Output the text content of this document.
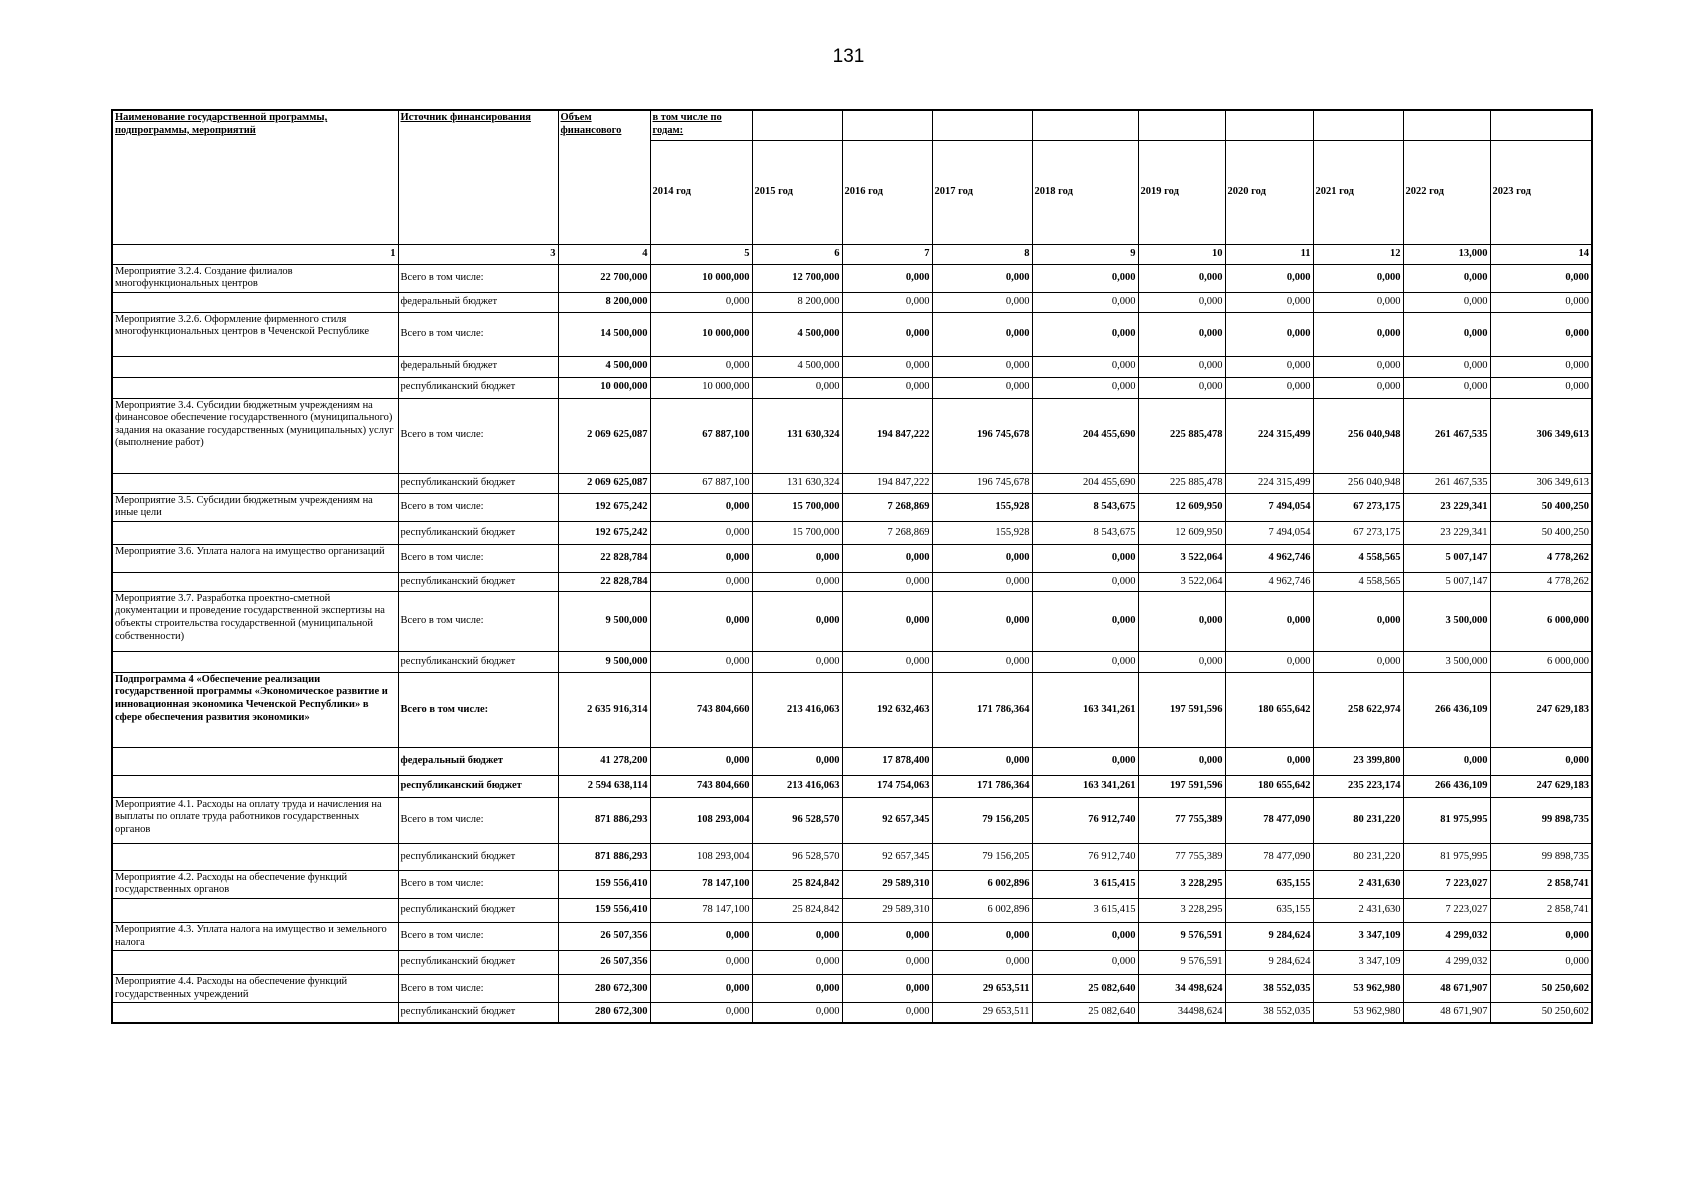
131
Наименование государственной программы, подпрограммы, мероприятий	Источник финансирования	Объем финансового	в том числе по годам:									
			2014 год	2015 год	2016 год	2017 год	2018 год	2019 год	2020 год	2021 год	2022 год	2023 год
1	3	4	5	6	7	8	9	10	11	12	13,000	14
Мероприятие 3.2.4. Создание филиалов многофункциональных центров	Всего в том числе:	22 700,000	10 000,000	12 700,000	0,000	0,000	0,000	0,000	0,000	0,000	0,000	0,000
	федеральный бюджет	8 200,000	0,000	8 200,000	0,000	0,000	0,000	0,000	0,000	0,000	0,000	0,000
Мероприятие 3.2.6. Оформление фирменного стиля многофункциональных центров в Чеченской Республике	Всего в том числе:	14 500,000	10 000,000	4 500,000	0,000	0,000	0,000	0,000	0,000	0,000	0,000	0,000
	федеральный бюджет	4 500,000	0,000	4 500,000	0,000	0,000	0,000	0,000	0,000	0,000	0,000	0,000
	республиканский бюджет	10 000,000	10 000,000	0,000	0,000	0,000	0,000	0,000	0,000	0,000	0,000	0,000
Мероприятие 3.4. Субсидии бюджетным учреждениям на финансовое обеспечение государственного (муниципального) задания на оказание государственных (муниципальных) услуг (выполнение работ)	Всего в том числе:	2 069 625,087	67 887,100	131 630,324	194 847,222	196 745,678	204 455,690	225 885,478	224 315,499	256 040,948	261 467,535	306 349,613
	республиканский бюджет	2 069 625,087	67 887,100	131 630,324	194 847,222	196 745,678	204 455,690	225 885,478	224 315,499	256 040,948	261 467,535	306 349,613
Мероприятие 3.5. Субсидии бюджетным учреждениям на иные цели	Всего в том числе:	192 675,242	0,000	15 700,000	7 268,869	155,928	8 543,675	12 609,950	7 494,054	67 273,175	23 229,341	50 400,250
	республиканский бюджет	192 675,242	0,000	15 700,000	7 268,869	155,928	8 543,675	12 609,950	7 494,054	67 273,175	23 229,341	50 400,250
Мероприятие 3.6. Уплата налога на имущество организаций	Всего в том числе:	22 828,784	0,000	0,000	0,000	0,000	0,000	3 522,064	4 962,746	4 558,565	5 007,147	4 778,262
	республиканский бюджет	22 828,784	0,000	0,000	0,000	0,000	0,000	3 522,064	4 962,746	4 558,565	5 007,147	4 778,262
Мероприятие 3.7. Разработка проектно-сметной документации и проведение государственной экспертизы на объекты строительства государственной (муниципальной собственности)	Всего в том числе:	9 500,000	0,000	0,000	0,000	0,000	0,000	0,000	0,000	0,000	3 500,000	6 000,000
	республиканский бюджет	9 500,000	0,000	0,000	0,000	0,000	0,000	0,000	0,000	0,000	3 500,000	6 000,000
Подпрограмма 4 «Обеспечение реализации государственной программы «Экономическое развитие и инновационная экономика Чеченской Республики» в сфере обеспечения развития экономики»	Всего в том числе:	2 635 916,314	743 804,660	213 416,063	192 632,463	171 786,364	163 341,261	197 591,596	180 655,642	258 622,974	266 436,109	247 629,183
	федеральный бюджет	41 278,200	0,000	0,000	17 878,400	0,000	0,000	0,000	0,000	23 399,800	0,000	0,000
	республиканский бюджет	2 594 638,114	743 804,660	213 416,063	174 754,063	171 786,364	163 341,261	197 591,596	180 655,642	235 223,174	266 436,109	247 629,183
Мероприятие 4.1. Расходы на оплату труда и начисления на выплаты по оплате труда работников государственных органов	Всего в том числе:	871 886,293	108 293,004	96 528,570	92 657,345	79 156,205	76 912,740	77 755,389	78 477,090	80 231,220	81 975,995	99 898,735
	республиканский бюджет	871 886,293	108 293,004	96 528,570	92 657,345	79 156,205	76 912,740	77 755,389	78 477,090	80 231,220	81 975,995	99 898,735
Мероприятие 4.2. Расходы на обеспечение функций государственных органов	Всего в том числе:	159 556,410	78 147,100	25 824,842	29 589,310	6 002,896	3 615,415	3 228,295	635,155	2 431,630	7 223,027	2 858,741
	республиканский бюджет	159 556,410	78 147,100	25 824,842	29 589,310	6 002,896	3 615,415	3 228,295	635,155	2 431,630	7 223,027	2 858,741
Мероприятие 4.3. Уплата налога на имущество и земельного налога	Всего в том числе:	26 507,356	0,000	0,000	0,000	0,000	0,000	9 576,591	9 284,624	3 347,109	4 299,032	0,000
	республиканский бюджет	26 507,356	0,000	0,000	0,000	0,000	0,000	9 576,591	9 284,624	3 347,109	4 299,032	0,000
Мероприятие 4.4. Расходы на обеспечение функций государственных учреждений	Всего в том числе:	280 672,300	0,000	0,000	0,000	29 653,511	25 082,640	34 498,624	38 552,035	53 962,980	48 671,907	50 250,602
	республиканский бюджет	280 672,300	0,000	0,000	0,000	29 653,511	25 082,640	34498,624	38 552,035	53 962,980	48 671,907	50 250,602
